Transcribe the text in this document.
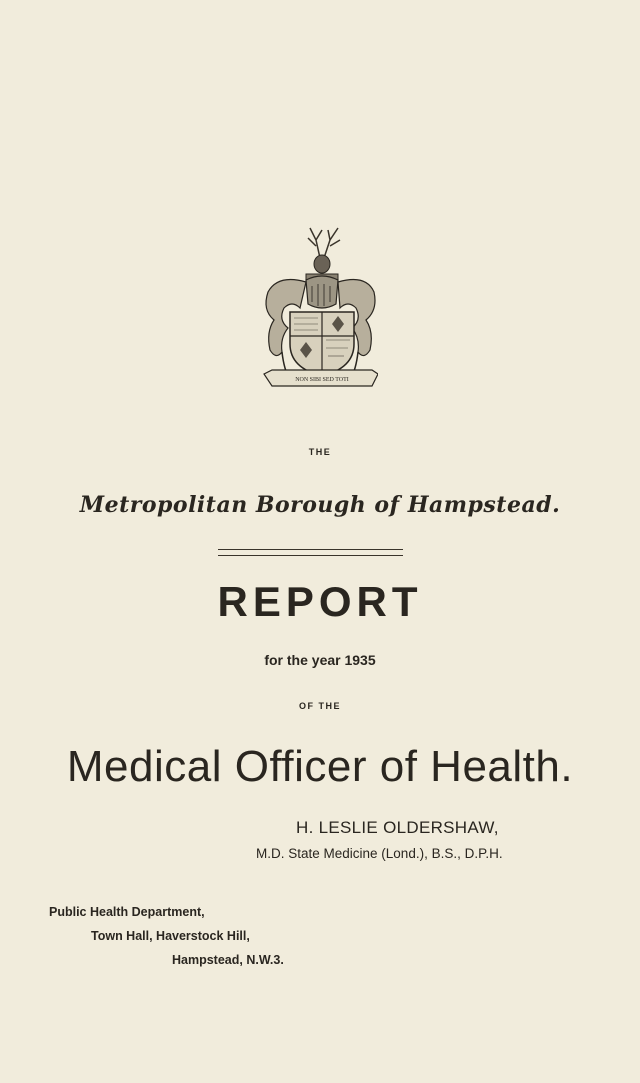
NON SIBI SED TOTI
THE
Metropolitan Borough of Hampstead.
REPORT
for the year 1935
OF THE
Medical Officer of Health.
H. LESLIE OLDERSHAW,
M.D. State Medicine (Lond.), B.S., D.P.H.
Public Health Department,
Town Hall, Haverstock Hill,
Hampstead, N.W.3.
